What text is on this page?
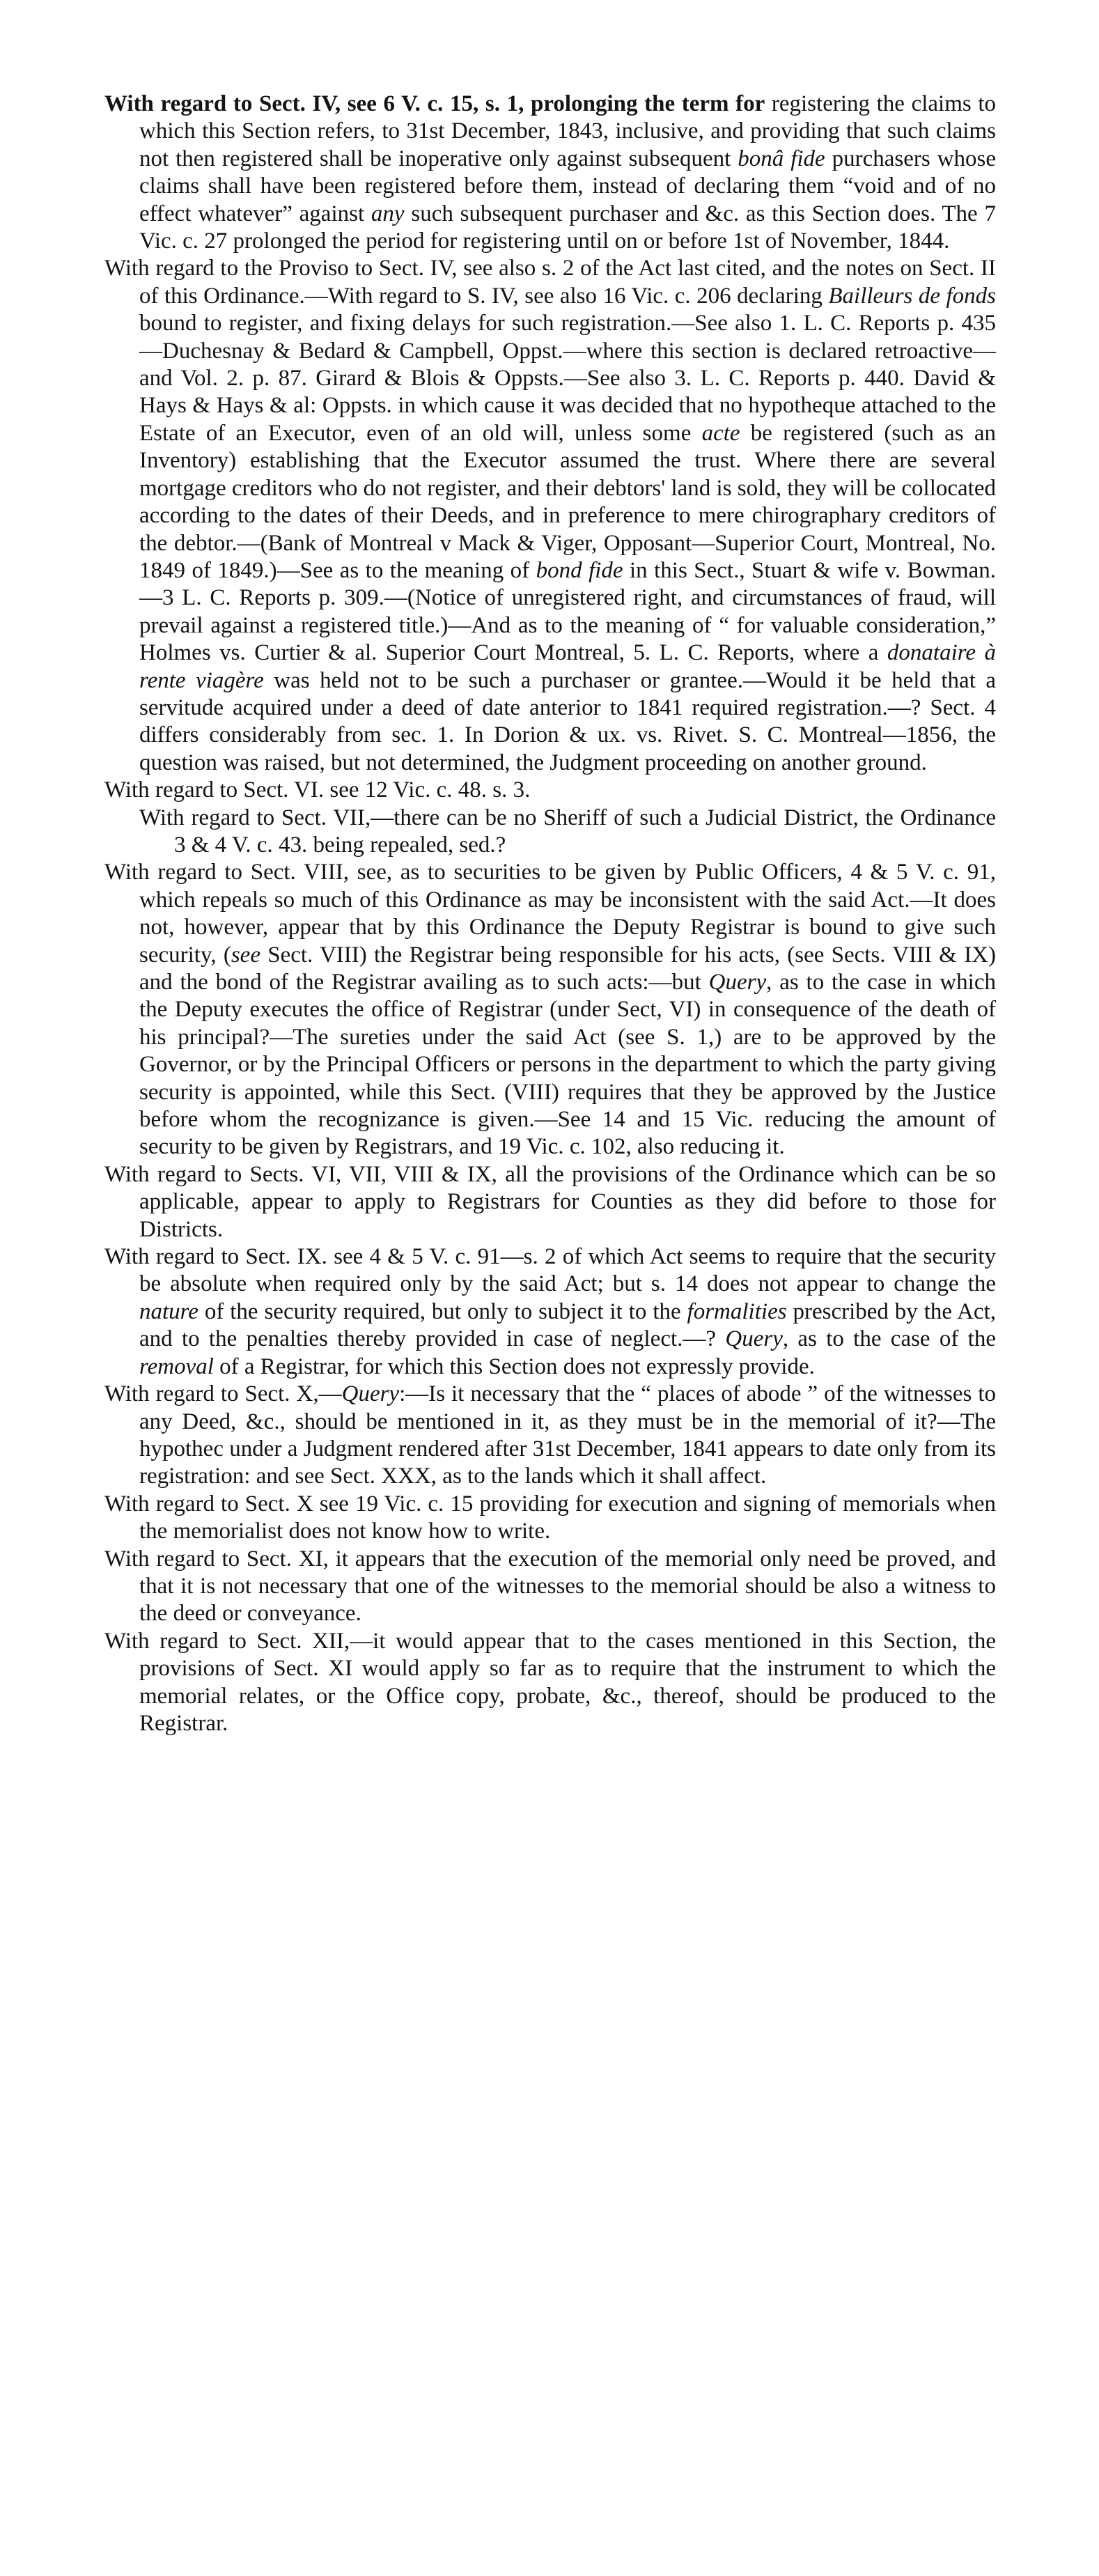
With regard to Sect. IV, see 6 V. c. 15, s. 1, prolonging the term for registering the claims to which this Section refers, to 31st December, 1843, inclusive, and providing that such claims not then registered shall be inoperative only against subsequent bonâ fide purchasers whose claims shall have been registered before them, instead of declaring them “void and of no effect whatever” against any such subsequent purchaser and &c. as this Section does. The 7 Vic. c. 27 prolonged the period for registering until on or before 1st of November, 1844.

With regard to the Proviso to Sect. IV, see also s. 2 of the Act last cited, and the notes on Sect. II of this Ordinance.—With regard to S. IV, see also 16 Vic. c. 206 declaring Bailleurs de fonds bound to register, and fixing delays for such registration.—See also 1. L. C. Reports p. 435—Duchesnay & Bedard & Campbell, Oppst.—where this section is declared retroactive—and Vol. 2. p. 87. Girard & Blois & Oppsts.—See also 3. L. C. Reports p. 440. David & Hays & Hays & al: Oppsts. in which cause it was decided that no hypotheque attached to the Estate of an Executor, even of an old will, unless some acte be registered (such as an Inventory) establishing that the Executor assumed the trust. Where there are several mortgage creditors who do not register, and their debtors' land is sold, they will be collocated according to the dates of their Deeds, and in preference to mere chirographary creditors of the debtor.—(Bank of Montreal v Mack & Viger, Opposant—Superior Court, Montreal, No. 1849 of 1849.)—See as to the meaning of bond fide in this Sect., Stuart & wife v. Bowman.—3 L. C. Reports p. 309.—(Notice of unregistered right, and circumstances of fraud, will prevail against a registered title.)—And as to the meaning of “ for valuable consideration,” Holmes vs. Curtier & al. Superior Court Montreal, 5. L. C. Reports, where a donataire à rente viagère was held not to be such a purchaser or grantee.—Would it be held that a servitude acquired under a deed of date anterior to 1841 required registration.—? Sect. 4 differs considerably from sec. 1. In Dorion & ux. vs. Rivet. S. C. Montreal—1856, the question was raised, but not determined, the Judgment proceeding on another ground.

With regard to Sect. VI. see 12 Vic. c. 48. s. 3.

With regard to Sect. VII,—there can be no Sheriff of such a Judicial District, the Ordinance 3 & 4 V. c. 43. being repealed, sed.?

With regard to Sect. VIII, see, as to securities to be given by Public Officers, 4 & 5 V. c. 91, which repeals so much of this Ordinance as may be inconsistent with the said Act.—It does not, however, appear that by this Ordinance the Deputy Registrar is bound to give such security, (see Sect. VIII) the Registrar being responsible for his acts, (see Sects. VIII & IX) and the bond of the Registrar availing as to such acts:—but Query, as to the case in which the Deputy executes the office of Registrar (under Sect, VI) in consequence of the death of his principal?—The sureties under the said Act (see S. 1,) are to be approved by the Governor, or by the Principal Officers or persons in the department to which the party giving security is appointed, while this Sect. (VIII) requires that they be approved by the Justice before whom the recognizance is given.—See 14 and 15 Vic. reducing the amount of security to be given by Registrars, and 19 Vic. c. 102, also reducing it.

With regard to Sects. VI, VII, VIII & IX, all the provisions of the Ordinance which can be so applicable, appear to apply to Registrars for Counties as they did before to those for Districts.

With regard to Sect. IX. see 4 & 5 V. c. 91—s. 2 of which Act seems to require that the security be absolute when required only by the said Act; but s. 14 does not appear to change the nature of the security required, but only to subject it to the formalities prescribed by the Act, and to the penalties thereby provided in case of neglect.—? Query, as to the case of the removal of a Registrar, for which this Section does not expressly provide.

With regard to Sect. X,—Query:—Is it necessary that the “ places of abode ” of the witnesses to any Deed, &c., should be mentioned in it, as they must be in the memorial of it?—The hypothec under a Judgment rendered after 31st December, 1841 appears to date only from its registration: and see Sect. XXX, as to the lands which it shall affect.

With regard to Sect. X see 19 Vic. c. 15 providing for execution and signing of memorials when the memorialist does not know how to write.

With regard to Sect. XI, it appears that the execution of the memorial only need be proved, and that it is not necessary that one of the witnesses to the memorial should be also a witness to the deed or conveyance.

With regard to Sect. XII,—it would appear that to the cases mentioned in this Section, the provisions of Sect. XI would apply so far as to require that the instrument to which the memorial relates, or the Office copy, probate, &c., thereof, should be produced to the Registrar.
